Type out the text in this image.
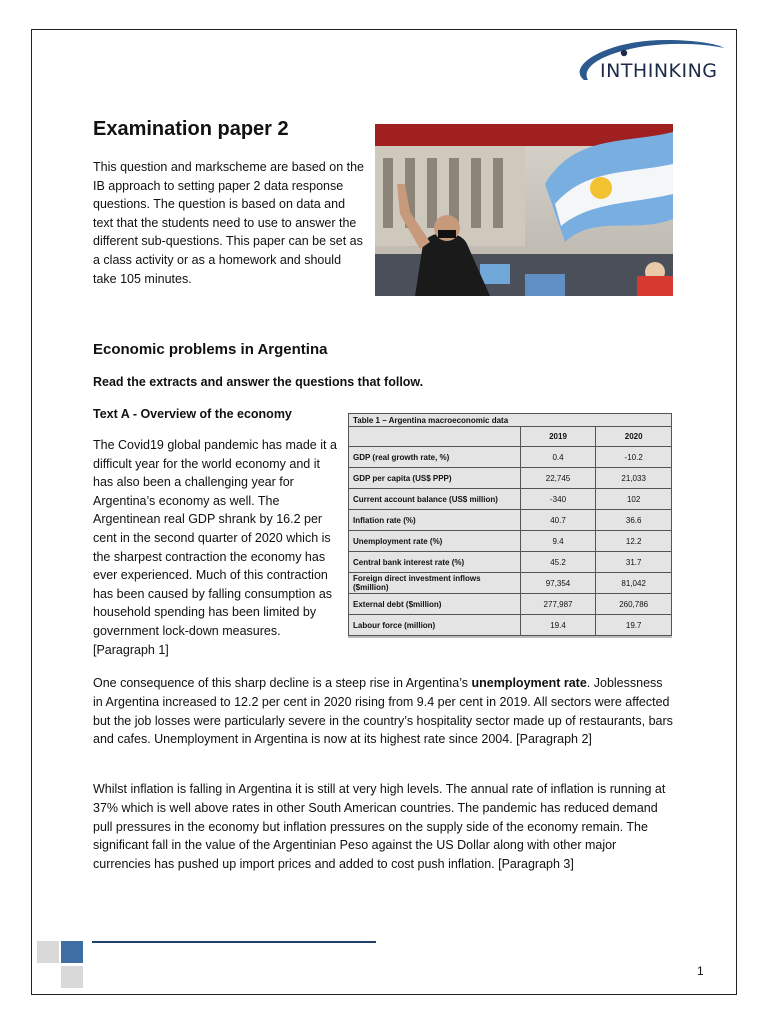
INTHINKING
Examination paper 2
This question and markscheme are based on the IB approach to setting paper 2 data response questions. The question is based on data and text that the students need to use to answer the different sub-questions. This paper can be set as a class activity or as a homework and should take 105 minutes.
Economic problems in Argentina
Read the extracts and answer the questions that follow.
Text A - Overview of the economy
The Covid19 global pandemic has made it a difficult year for the world economy and it has also been a challenging year for Argentina’s economy as well. The Argentinean real GDP shrank by 16.2 per cent in the second quarter of 2020 which is the sharpest contraction the economy has ever experienced. Much of this contraction has been caused by falling consumption as household spending has been limited by government lock-down measures. [Paragraph 1]
Table 1 – Argentina macroeconomic data		
	2019	2020
GDP (real growth rate, %)	0.4	-10.2
GDP per capita (US$ PPP)	22,745	21,033
Current account balance (US$ million)	-340	102
Inflation rate (%)	40.7	36.6
Unemployment rate (%)	9.4	12.2
Central bank interest rate (%)	45.2	31.7
Foreign direct investment inflows ($million)	97,354	81,042
External debt ($million)	277,987	260,786
Labour force (million)	19.4	19.7
One consequence of this sharp decline is a steep rise in Argentina’s unemployment rate. Joblessness in Argentina increased to 12.2 per cent in 2020 rising from 9.4 per cent in 2019. All sectors were affected but the job losses were particularly severe in the country’s hospitality sector made up of restaurants, bars and cafes. Unemployment in Argentina is now at its highest rate since 2004. [Paragraph 2]
Whilst inflation is falling in Argentina it is still at very high levels. The annual rate of inflation is running at 37% which is well above rates in other South American countries. The pandemic has reduced demand pull pressures in the economy but inflation pressures on the supply side of the economy remain. The significant fall in the value of the Argentinian Peso against the US Dollar along with other major currencies has pushed up import prices and added to cost push inflation. [Paragraph 3]
1
